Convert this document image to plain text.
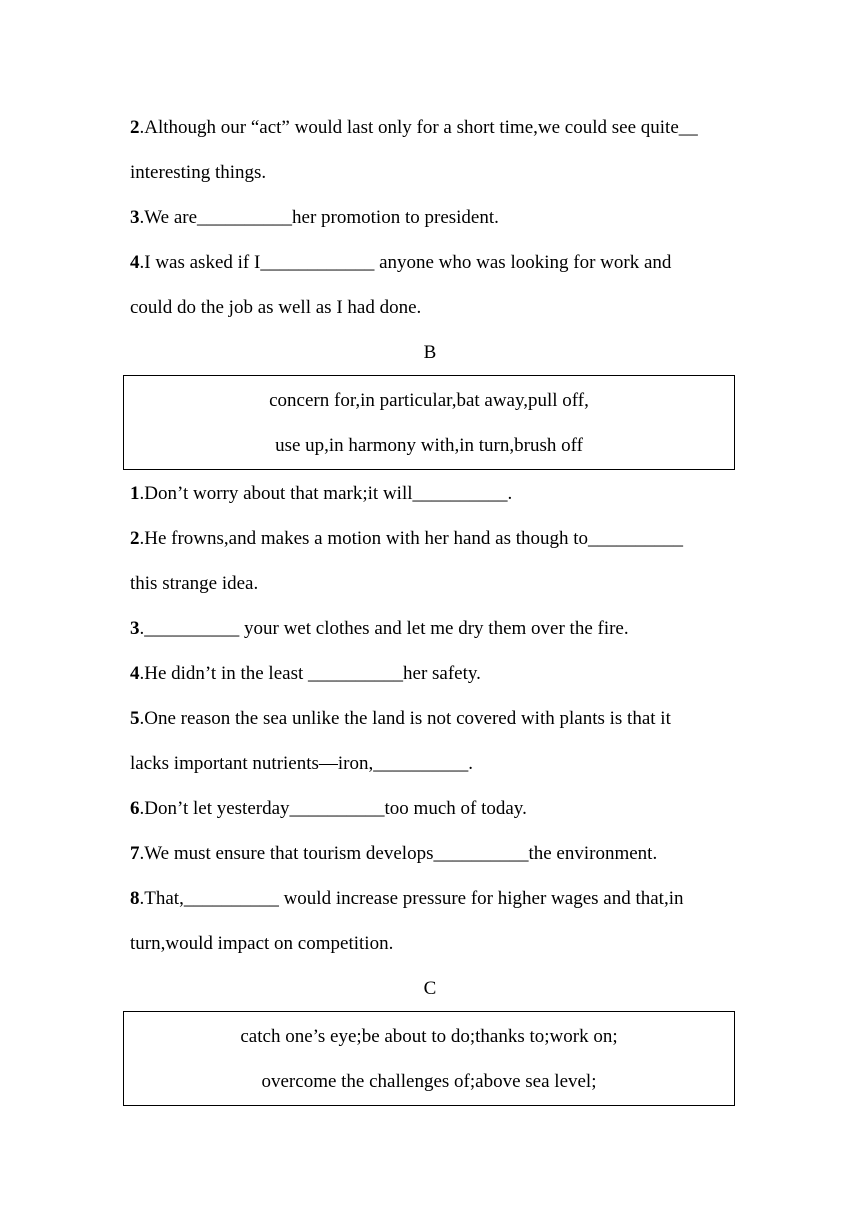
2.Although our “act” would last only for a short time,we could see quite__
interesting things.
3.We are__________her promotion to president.
4.I was asked if I____________ anyone who was looking for work and
could do the job as well as I had done.
B
concern for,in particular,bat away,pull off,
use up,in harmony with,in turn,brush off
1.Don’t worry about that mark;it will__________.
2.He frowns,and makes a motion with her hand as though to__________
this strange idea.
3.__________ your wet clothes and let me dry them over the fire.
4.He didn’t in the least __________her safety.
5.One reason the sea unlike the land is not covered with plants is that it
lacks important nutrients—iron,__________.
6.Don’t let yesterday__________too much of today.
7.We must ensure that tourism develops__________the environment.
8.That,__________ would increase pressure for higher wages and that,in
turn,would impact on competition.
C
catch one’s eye;be about to do;thanks to;work on;
overcome the challenges of;above sea level;
